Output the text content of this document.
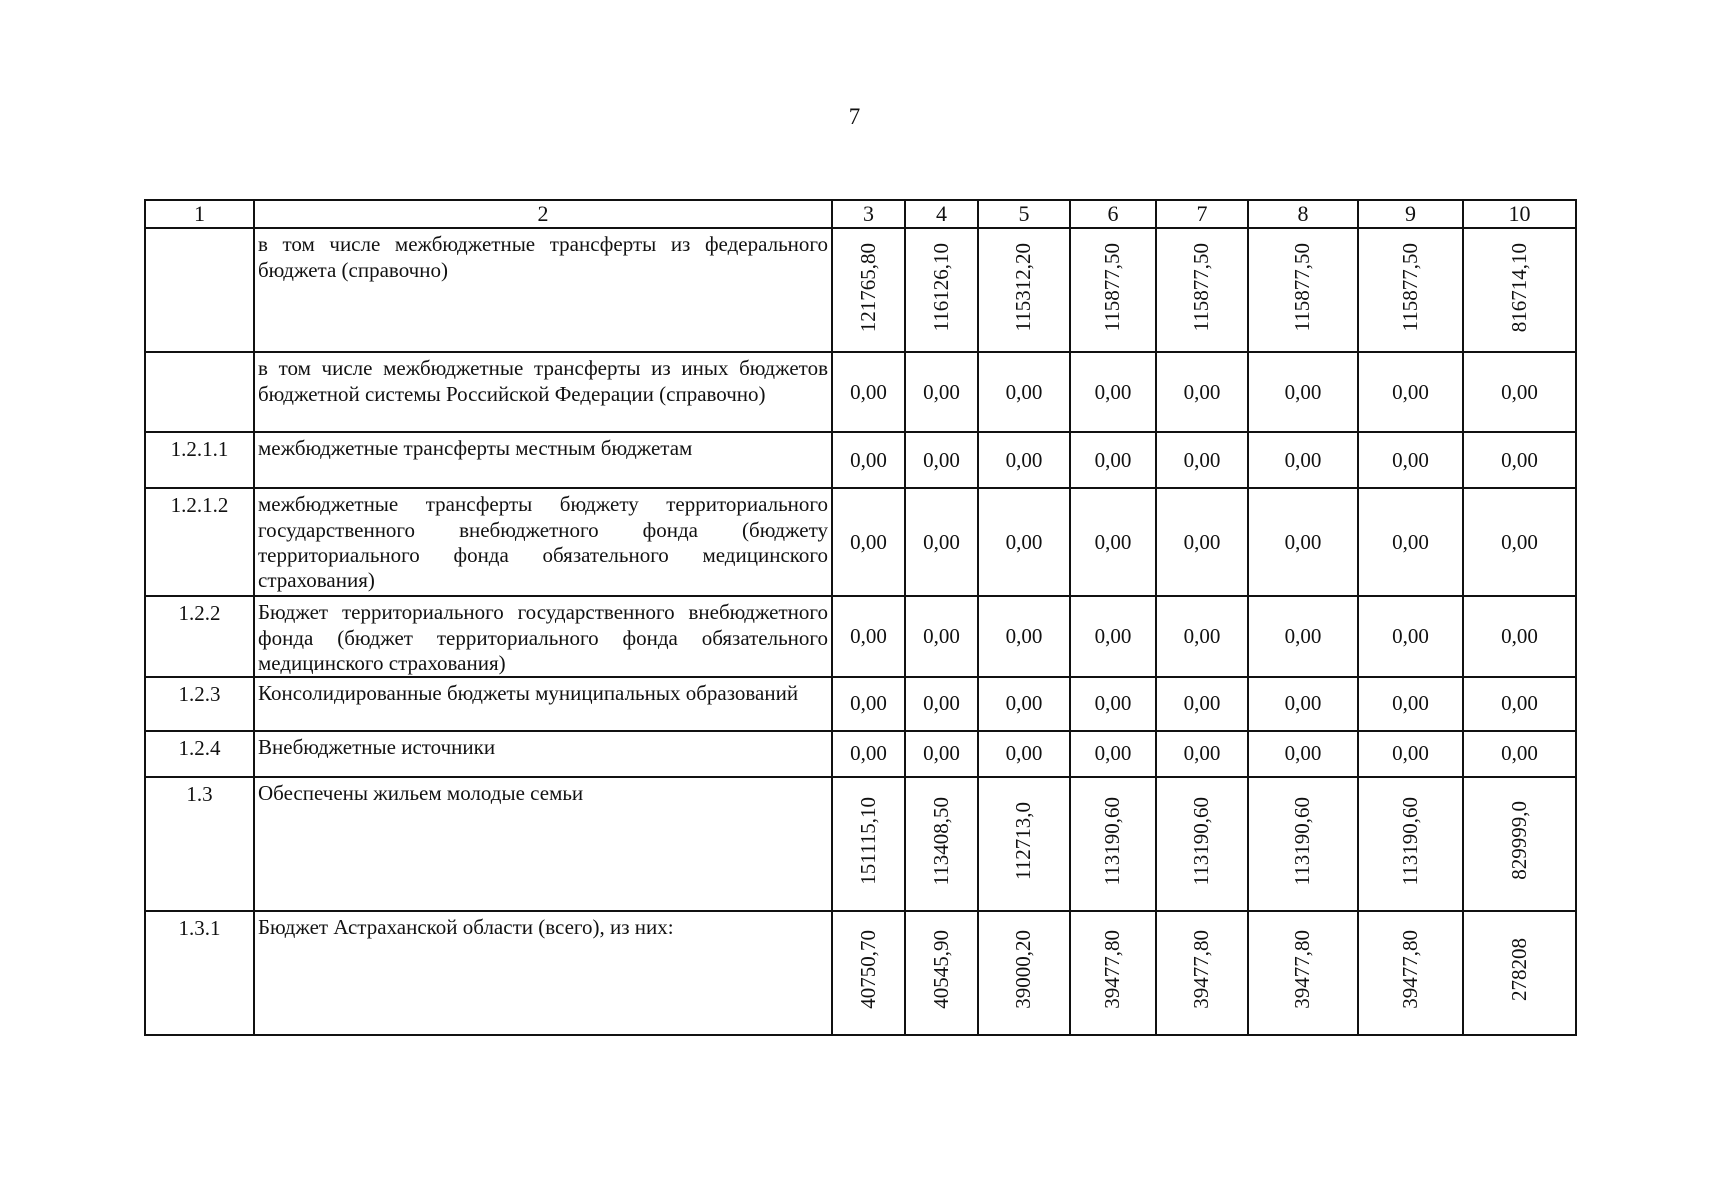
7
1	2	3	4	5	6	7	8	9	10
	в том числе межбюджетные трансферты из федерального бюджета (справочно)	121765,80	116126,10	115312,20	115877,50	115877,50	115877,50	115877,50	816714,10
	в том числе межбюджетные трансферты из иных бюджетов бюджетной системы Российской Федерации (справочно)	0,00	0,00	0,00	0,00	0,00	0,00	0,00	0,00
1.2.1.1	межбюджетные трансферты местным бюджетам	0,00	0,00	0,00	0,00	0,00	0,00	0,00	0,00
1.2.1.2	межбюджетные трансферты бюджету территориального государственного внебюджетного фонда (бюджету территориального фонда обязательного медицинского страхования)	0,00	0,00	0,00	0,00	0,00	0,00	0,00	0,00
1.2.2	Бюджет территориального государственного внебюджетного фонда (бюджет территориального фонда обязательного медицинского страхования)	0,00	0,00	0,00	0,00	0,00	0,00	0,00	0,00
1.2.3	Консолидированные бюджеты муниципальных образований	0,00	0,00	0,00	0,00	0,00	0,00	0,00	0,00
1.2.4	Внебюджетные источники	0,00	0,00	0,00	0,00	0,00	0,00	0,00	0,00
1.3	Обеспечены жильем молодые семьи	151115,10	113408,50	112713,0	113190,60	113190,60	113190,60	113190,60	829999,0
1.3.1	Бюджет Астраханской области (всего), из них:	40750,70	40545,90	39000,20	39477,80	39477,80	39477,80	39477,80	278208
